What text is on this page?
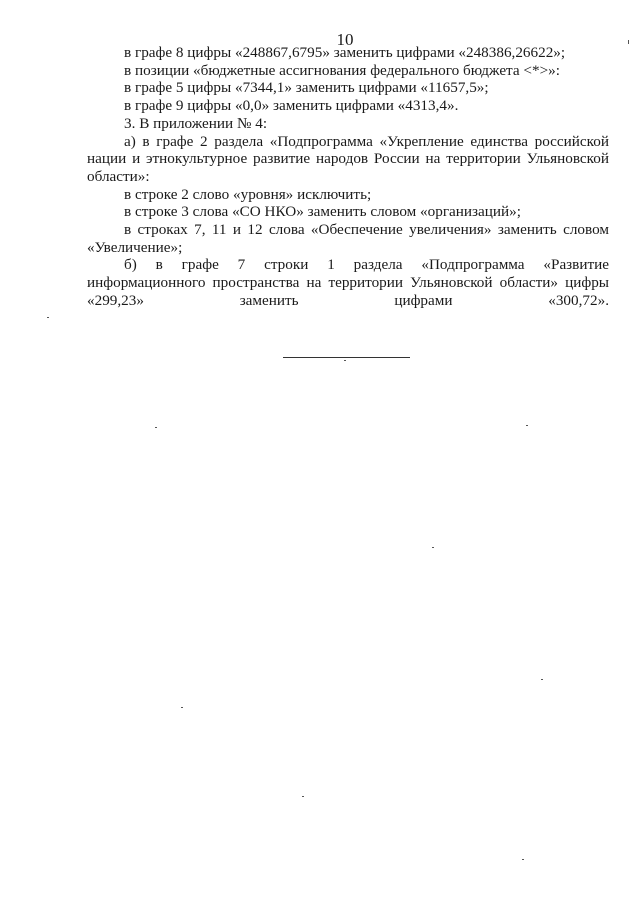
10

в графе 8 цифры «248867,6795» заменить цифрами «248386,26622»;

в позиции «бюджетные ассигнования федерального бюджета <*>»:

в графе 5 цифры «7344,1» заменить цифрами «11657,5»;

в графе 9 цифры «0,0» заменить цифрами «4313,4».

3. В приложении № 4:

а) в графе 2 раздела «Подпрограмма «Укрепление единства российской нации и этнокультурное развитие народов России на территории Ульяновской области»:

в строке 2 слово «уровня» исключить;

в строке 3 слова «СО НКО» заменить словом «организаций»;

в строках 7, 11 и 12 слова «Обеспечение увеличения» заменить словом «Увеличение»;

б) в графе 7 строки 1 раздела «Подпрограмма «Развитие информационного пространства на территории Ульяновской области» цифры «299,23» заменить цифрами «300,72».
